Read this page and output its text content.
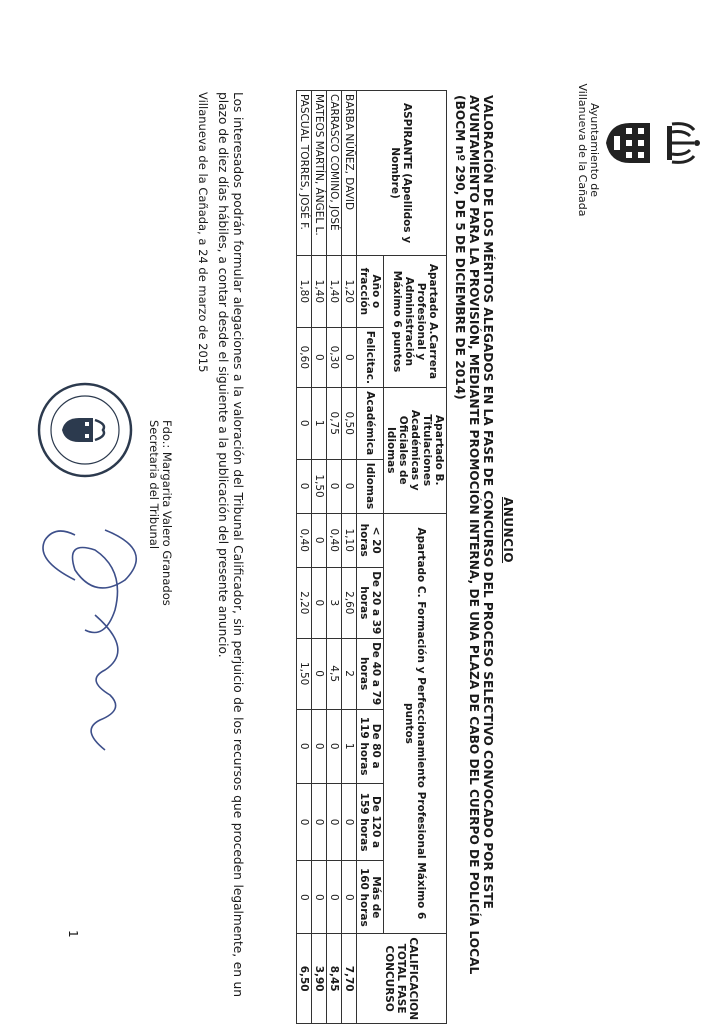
Ayuntamiento de
Villanueva de la Cañada
ANUNCIO
VALORACIÓN DE LOS MÉRITOS ALEGADOS EN LA FASE DE CONCURSO DEL PROCESO SELECTIVO CONVOCADO POR ESTE
AYUNTAMIENTO PARA LA PROVISIÓN, MEDIANTE PROMOCIÓN INTERNA, DE UNA PLAZA DE CABO DEL CUERPO DE POLICÍA LOCAL
(BOCM nº 290, DE 5 DE DICIEMBRE DE 2014)
ASPIRANTE (Apellidos y Nombre)	Apartado A.Carrera Profesional y Administración Máximo 6 puntos		Apartado B. Titulaciones Académicas y Oficiales de Idiomas		Apartado C. Formación y Perfeccionamiento Profesional Máximo 6 puntos						CALIFICACION TOTAL FASE CONCURSO
	Año o fracción	Felicitac.	Académica	Idiomas	< 20 horas	De 20 a 39 horas	De 40 a 79 horas	De 80 a 119 horas	De 120 a 159 horas	Más de 160 horas	
BARBA NÚÑEZ, DAVID	1,20	0	0,50	0	1,10	2,60	2	1	0	0	7,70
CARRASCO COMINO, JOSÉ	1,40	0,30	0,75	0	0,40	3	4,5	0	0	0	8,45
MATEOS MARTÍN, ÁNGEL L.	1,40	0	1	1,50	0	0	0	0	0	0	3,90
PASCUAL TORRES, JOSÉ F.	1,80	0,60	0	0	0,40	2,20	1,50	0	0	0	6,50
Los interesados podrán formular alegaciones a la valoración del Tribunal Calificador, sin perjuicio de los recursos que proceden legalmente, en un plazo de diez días hábiles, a contar desde el siguiente a la publicación del presente anuncio.
Villanueva de la Cañada, a 24 de marzo de 2015
Fdo.: Margarita Valero Granados
Secretaria del Tribunal
1
